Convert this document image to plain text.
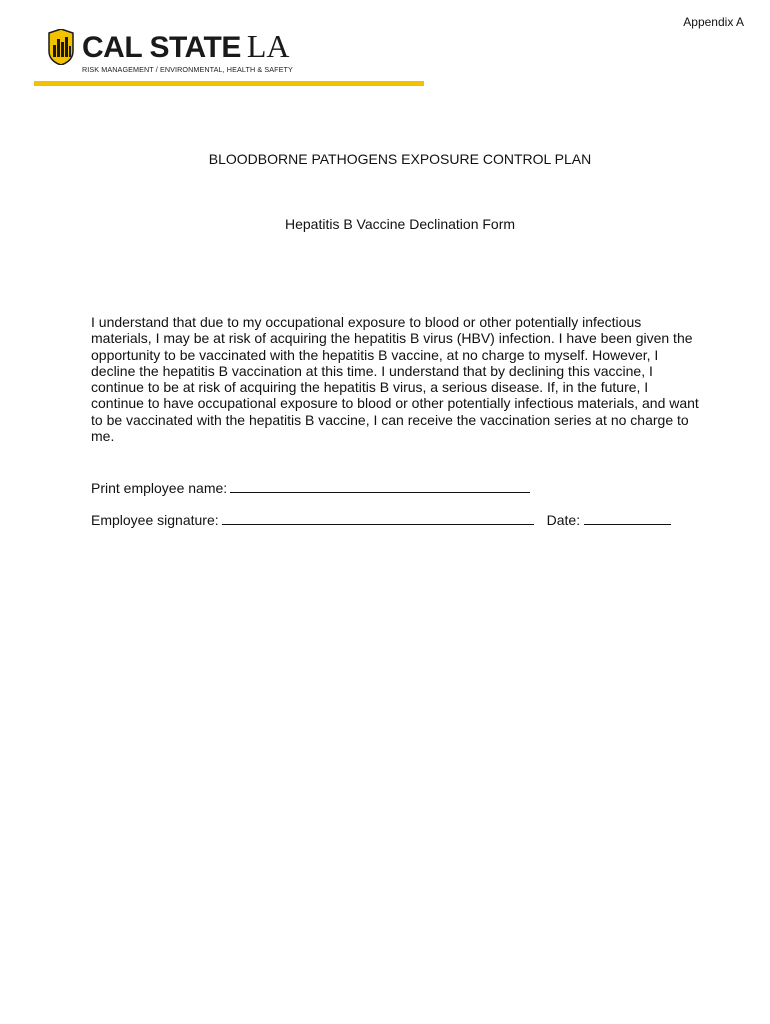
Appendix A
CAL STATE LA
RISK MANAGEMENT / ENVIRONMENTAL, HEALTH & SAFETY
BLOODBORNE PATHOGENS EXPOSURE CONTROL PLAN
Hepatitis B Vaccine Declination Form

I understand that due to my occupational exposure to blood or other potentially infectious materials, I may be at risk of acquiring the hepatitis B virus (HBV) infection. I have been given the opportunity to be vaccinated with the hepatitis B vaccine, at no charge to myself. However, I decline the hepatitis B vaccination at this time. I understand that by declining this vaccine, I continue to be at risk of acquiring the hepatitis B virus, a serious disease. If, in the future, I continue to have occupational exposure to blood or other potentially infectious materials, and want to be vaccinated with the hepatitis B vaccine, I can receive the vaccination series at no charge to me.

Print employee name:
Employee signature:	Date:
